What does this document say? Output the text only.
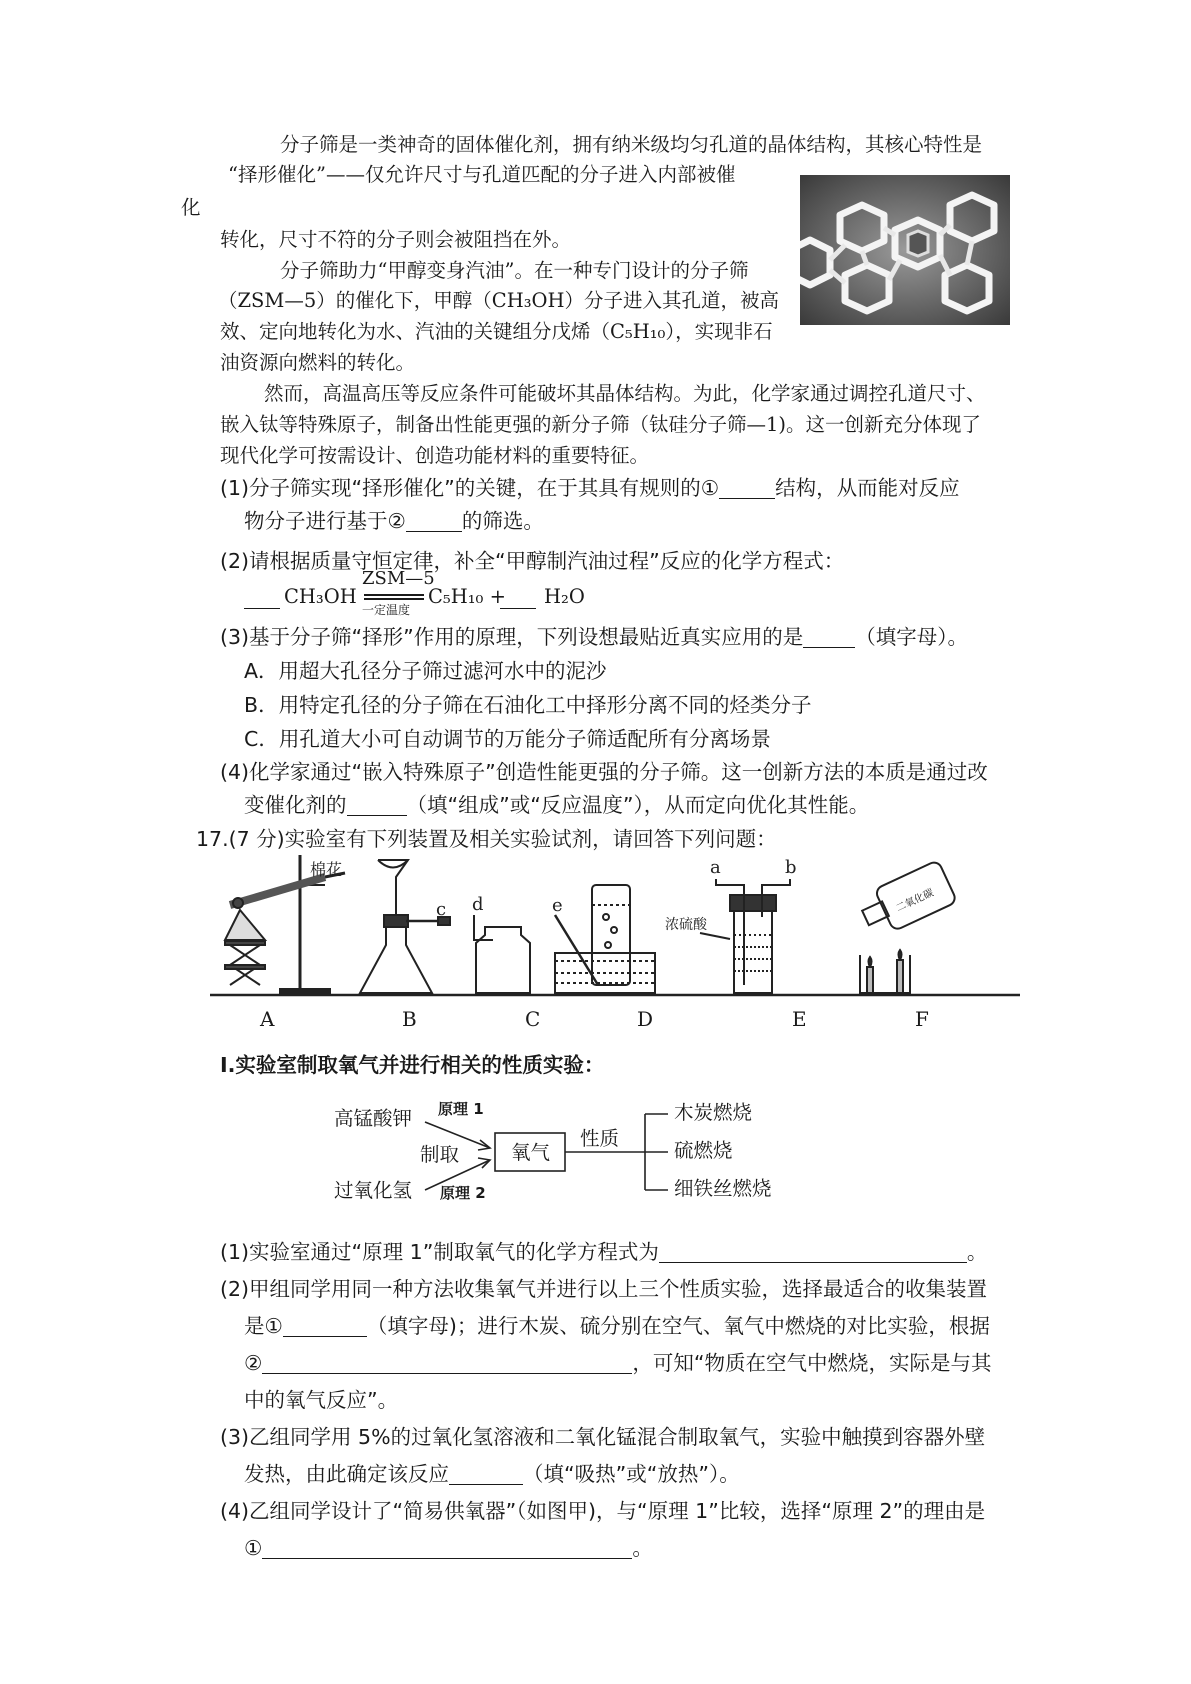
分子筛是一类神奇的固体催化剂，拥有纳米级均匀孔道的晶体结构，其核心特性是
“择形催化”——仅允许尺寸与孔道匹配的分子进入内部被催
化
转化，尺寸不符的分子则会被阻挡在外。
分子筛助力“甲醇变身汽油”。在一种专门设计的分子筛
（ZSM—5）的催化下，甲醇（CH₃OH）分子进入其孔道，被高
效、定向地转化为水、汽油的关键组分戊烯（C₅H₁₀），实现非石
油资源向燃料的转化。
然而，高温高压等反应条件可能破坏其晶体结构。为此，化学家通过调控孔道尺寸、
嵌入钛等特殊原子，制备出性能更强的新分子筛（钛硅分子筛—1)。这一创新充分体现了
现代化学可按需设计、创造功能材料的重要特征。
(1)分子筛实现“择形催化”的关键，在于其具有规则的①	结构，从而能对反应
物分子进行基于②	的筛选。
(2)请根据质量守恒定律，补全“甲醇制汽油过程”反应的化学方程式：
CH₃OH
ZSM—5
一定温度
C₅H₁₀ + H₂O
(3)基于分子筛“择形”作用的原理，下列设想最贴近真实应用的是	（填字母）。
A．用超大孔径分子筛过滤河水中的泥沙
B．用特定孔径的分子筛在石油化工中择形分离不同的烃类分子
C．用孔道大小可自动调节的万能分子筛适配所有分离场景
(4)化学家通过“嵌入特殊原子”创造性能更强的分子筛。这一创新方法的本质是通过改
变催化剂的	（填“组成”或“反应温度”），从而定向优化其性能。
17.(7 分)实验室有下列装置及相关实验试剂，请回答下列问题：
棉花
c d	e
a	b
浓硫酸
二氧化碳
A	B	C	D	E	F
I.实验室制取氧气并进行相关的性质实验：
高锰酸钾 原理 1
制取	氧气
性质
过氧化氢 原理 2
木炭燃烧
硫燃烧
细铁丝燃烧
(1)实验室通过“原理 1”制取氧气的化学方程式为	。
(2)甲组同学用同一种方法收集氧气并进行以上三个性质实验，选择最适合的收集装置
是①	（填字母)；进行木炭、硫分别在空气、氧气中燃烧的对比实验，根据
②	，可知“物质在空气中燃烧，实际是与其
中的氧气反应”。
(3)乙组同学用 5%的过氧化氢溶液和二氧化锰混合制取氧气，实验中触摸到容器外壁
发热，由此确定该反应	（填“吸热”或“放热”）。
(4)乙组同学设计了“简易供氧器”（如图甲)，与“原理 1”比较，选择“原理 2”的理由是
①	。
